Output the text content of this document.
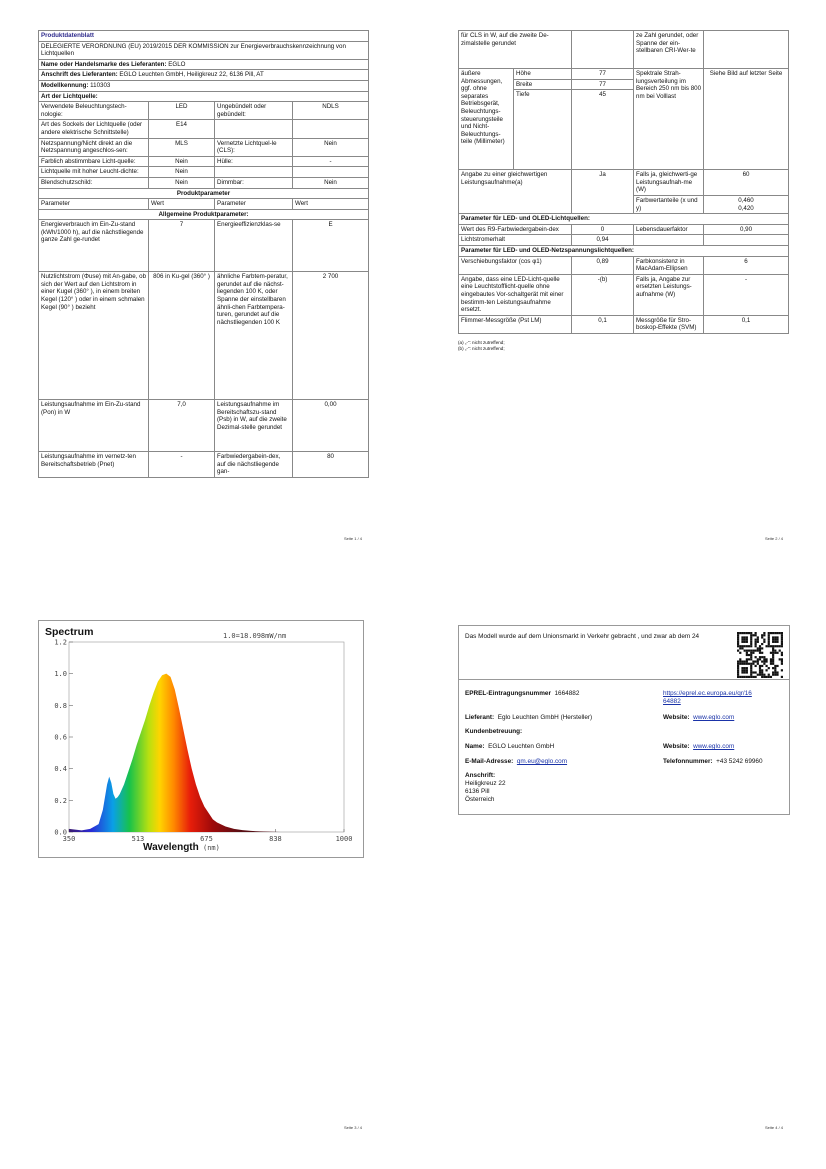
Produktdatenblatt			
DELEGIERTE VERORDNUNG (EU) 2019/2015 DER KOMMISSION zur Energieverbrauchskennzeichnung von Lichtquellen			
Name oder Handelsmarke des Lieferanten: EGLO			
Anschrift des Lieferanten: EGLO Leuchten GmbH, Heiligkreuz 22, 6136 Pill, AT			
Modellkennung: 110303			
Art der Lichtquelle:			
Verwendete Beleuchtungstech-nologie:	LED	Ungebündelt oder gebündelt:	NDLS
Art des Sockels der Lichtquelle (oder andere elektrische Schnittstelle)	E14		
Netzspannung/Nicht direkt an die Netzspannung angeschlos-sen:	MLS	Vernetzte Lichtquel-le (CLS):	Nein
Farblich abstimmbare Licht-quelle:	Nein	Hülle:	-
Lichtquelle mit hoher Leucht-dichte:	Nein		
Blendschutzschild:	Nein	Dimmbar:	Nein
Produktparameter			
Parameter	Wert	Parameter	Wert
Allgemeine Produktparameter:			
Energieverbrauch im Ein-Zu-stand (kWh/1000 h), auf die nächstliegende ganze Zahl ge-rundet	7	Energieeffizienzklas-se	E
Nutzlichtstrom (Φuse) mit An-gabe, ob sich der Wert auf den Lichtstrom in einer Kugel (360° ), in einem breiten Kegel (120° ) oder in einem schmalen Kegel (90° ) bezieht	806 in Ku-gel (360° )	ähnliche Farbtem-peratur, gerundet auf die nächst-liegenden 100 K, oder Spanne der einstellbaren ähnli-chen Farbtempera-turen, gerundet auf die nächstliegenden 100 K	2 700
Leistungsaufnahme im Ein-Zu-stand (Pon) in W	7,0	Leistungsaufnahme im Bereitschaftszu-stand (Psb) in W, auf die zweite Dezimal-stelle gerundet	0,00
Leistungsaufnahme im vernetz-ten Bereitschaftsbetrieb (Pnet)	-	Farbwiedergabein-dex, auf die nächstliegende gan-	80
Seite 1 / 4
für CLS in W, auf die zweite De-zimalstelle gerundet			ze Zahl gerundet, oder Spanne der ein-stellbaren CRI-Wer-te	
äußere Abmessungen, ggf. ohne separates Betriebsgerät, Beleuchtungs-steuerungsteile und Nicht-Beleuchtungs-teile (Millimeter)	Höhe	77	Spektrale Strah-lungsverteilung im Bereich 250 nm bis 800 nm bei Volllast	Siehe Bild auf letzter Seite
	Breite	77		
	Tiefe	45		
Angabe zu einer gleichwertigen Leistungsaufnahme(a)		Ja	Falls ja, gleichwerti-ge Leistungsaufnah-me (W)	60
			Farbwertanteile (x und y)	0,460
0,420
Parameter für LED- und OLED-Lichtquellen:				
Wert des R9-Farbwiedergabein-dex		0	Lebensdauerfaktor	0,90
Lichtstromerhalt		0,94		
Parameter für LED- und OLED-Netzspannungslichtquellen:				
Verschiebungsfaktor (cos φ1)		0,89	Farbkonsistenz in MacAdam-Ellipsen	6
Angabe, dass eine LED-Licht-quelle eine Leuchtstofflicht-quelle ohne eingebautes Vor-schaltgerät mit einer bestimm-ten Leistungsaufnahme ersetzt.		-(b)	Falls ja, Angabe zur ersetzten Leistungs-aufnahme (W)	-
Flimmer-Messgröße (Pst LM)		0,1	Messgröße für Stro-boskop-Effekte (SVM)	0,1
(a) „-“: nicht zutreffend;
(b) „-“: nicht zutreffend;
Seite 2 / 4
Spectrum	1.0=18.098mW/nm
0.0
0.2
0.4
0.6
0.8
1.0
1.2
350	513	675	838	1000
Wavelength (nm)
Seite 3 / 4
Das Modell wurde auf dem Unionsmarkt in Verkehr gebracht , und zwar ab dem 24
EPREL-Eintragungsnummer 1664882	https://eprel.ec.europa.eu/qr/16
64882
Lieferant: Eglo Leuchten GmbH (Hersteller)	Website: www.eglo.com
Kundenbetreuung:
Name: EGLO Leuchten GmbH	Website: www.eglo.com
E-Mail-Adresse: qm.eu@eglo.com	Telefonnummer: +43 5242 69960
Anschrift:
Heiligkreuz 22
6136 Pill
Österreich
Seite 4 / 4
